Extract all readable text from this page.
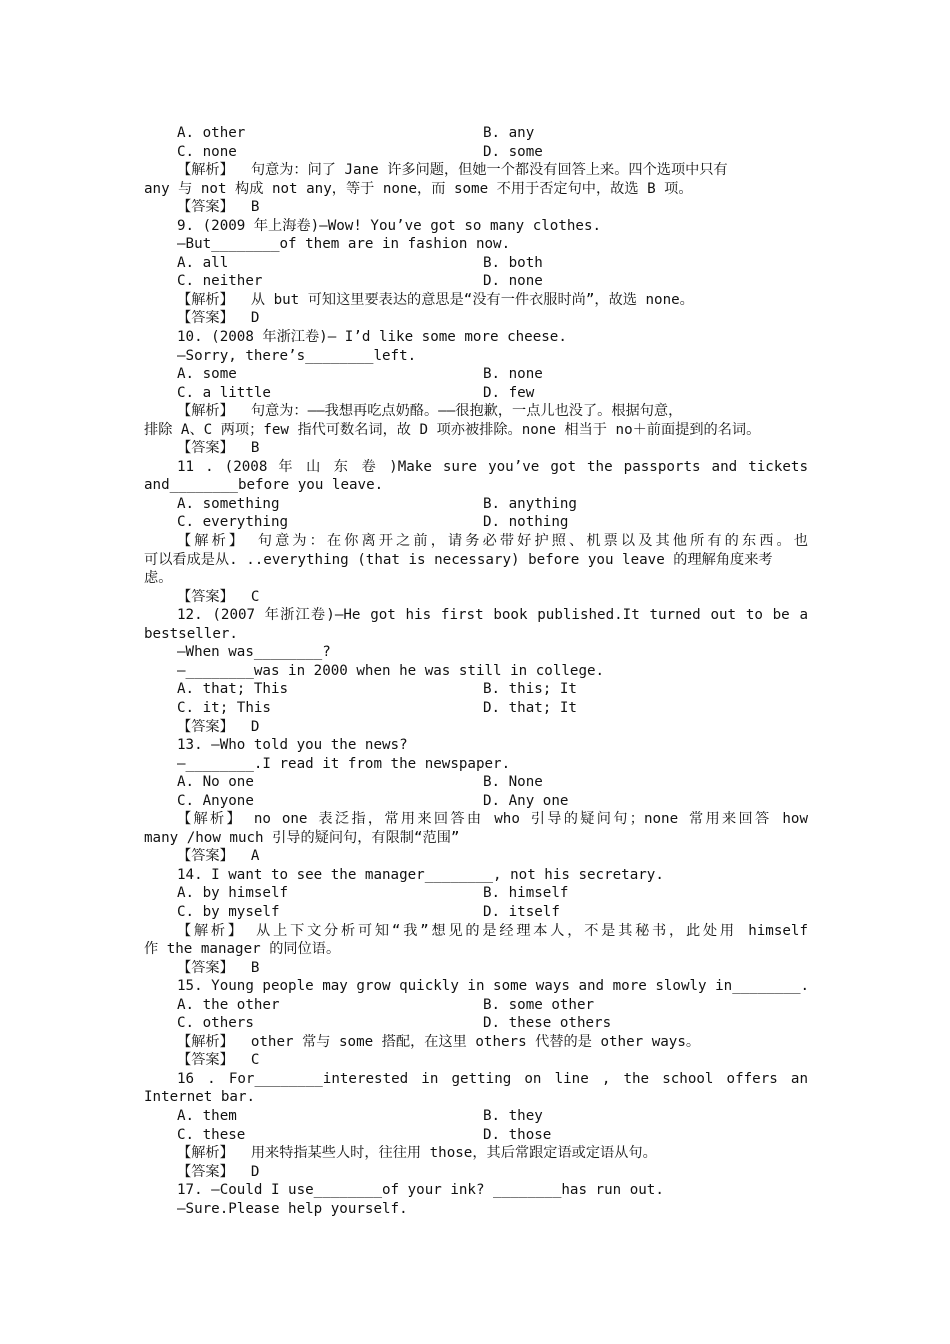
A. other	B. any
C. none	D. some
【解析】  句意为：问了 Jane 许多问题，但她一个都没有回答上来。四个选项中只有
any 与 not 构成 not any，等于 none，而 some 不用于否定句中，故选 B 项。
【答案】  B
9. (2009 年上海卷)—Wow! You’ve got so many clothes.
—But________of them are in fashion now.
A. all	B. both
C. neither	D. none
【解析】  从 but 可知这里要表达的意思是“没有一件衣服时尚”，故选 none。
【答案】  D
10. (2008 年浙江卷)— I’d like some more cheese.
—Sorry, there’s________left.
A. some	B. none
C. a little	D. few
【解析】  句意为：——我想再吃点奶酪。——很抱歉，一点儿也没了。根据句意，
排除 A、C 两项；few 指代可数名词，故 D 项亦被排除。none 相当于 no＋前面提到的名词。
【答案】  B
11 . (2008 年 山 东 卷 )Make sure you’ve got the passports and tickets
and________before you leave.
A. something	B. anything
C. everything	D. nothing
【解析】 句意为：在你离开之前，请务必带好护照、机票以及其他所有的东西。也
可以看成是从. ..everything (that is necessary) before you leave 的理解角度来考
虑。
【答案】  C
12. (2007 年浙江卷)—He got his first book published.It turned out to be a
bestseller.
—When was________?
—________was in 2000 when he was still in college.
A. that; This	B. this; It
C. it; This	D. that; It
【答案】  D
13. —Who told you the news?
—________.I read it from the newspaper.
A. No one	B. None
C. Anyone	D. Any one
【解析】 no one 表泛指，常用来回答由 who 引导的疑问句；none 常用来回答 how
many /how much 引导的疑问句，有限制“范围”
【答案】  A
14. I want to see the manager________, not his secretary.
A. by himself	B. himself
C. by myself	D. itself
【解析】 从上下文分析可知“我”想见的是经理本人，不是其秘书，此处用 himself
作 the manager 的同位语。
【答案】  B
15. Young people may grow quickly in some ways and more slowly in________.
A. the other	B. some other
C. others	D. these others
【解析】  other 常与 some 搭配，在这里 others 代替的是 other ways。
【答案】  C
16 . For________interested in getting on line , the school offers an
Internet bar.
A. them	B. they
C. these	D. those
【解析】  用来特指某些人时，往往用 those，其后常跟定语或定语从句。
【答案】  D
17. —Could I use________of your ink? ________has run out.
—Sure.Please help yourself.
